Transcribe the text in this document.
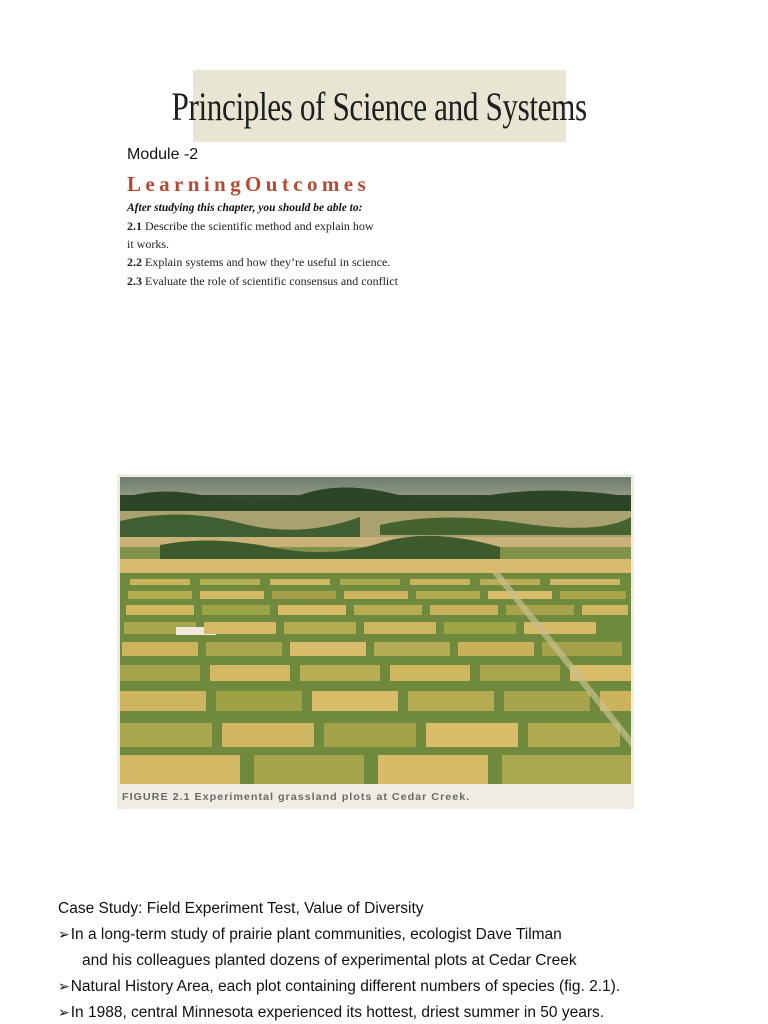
Principles of Science and Systems
Module -2
LearningOutcomes
After studying this chapter, you should be able to:
2.1 Describe the scientific method and explain how
it works.
2.2 Explain systems and how they’re useful in science.
2.3 Evaluate the role of scientific consensus and conflict
FIGURE 2.1 Experimental grassland plots at Cedar Creek.
Case Study: Field Experiment Test, Value of Diversity
➢In a long-term study of prairie plant communities, ecologist Dave Tilman
and his colleagues planted dozens of experimental plots at Cedar Creek
➢Natural History Area, each plot containing different numbers of species (fig. 2.1).
➢In 1988, central Minnesota experienced its hottest, driest summer in 50 years.
